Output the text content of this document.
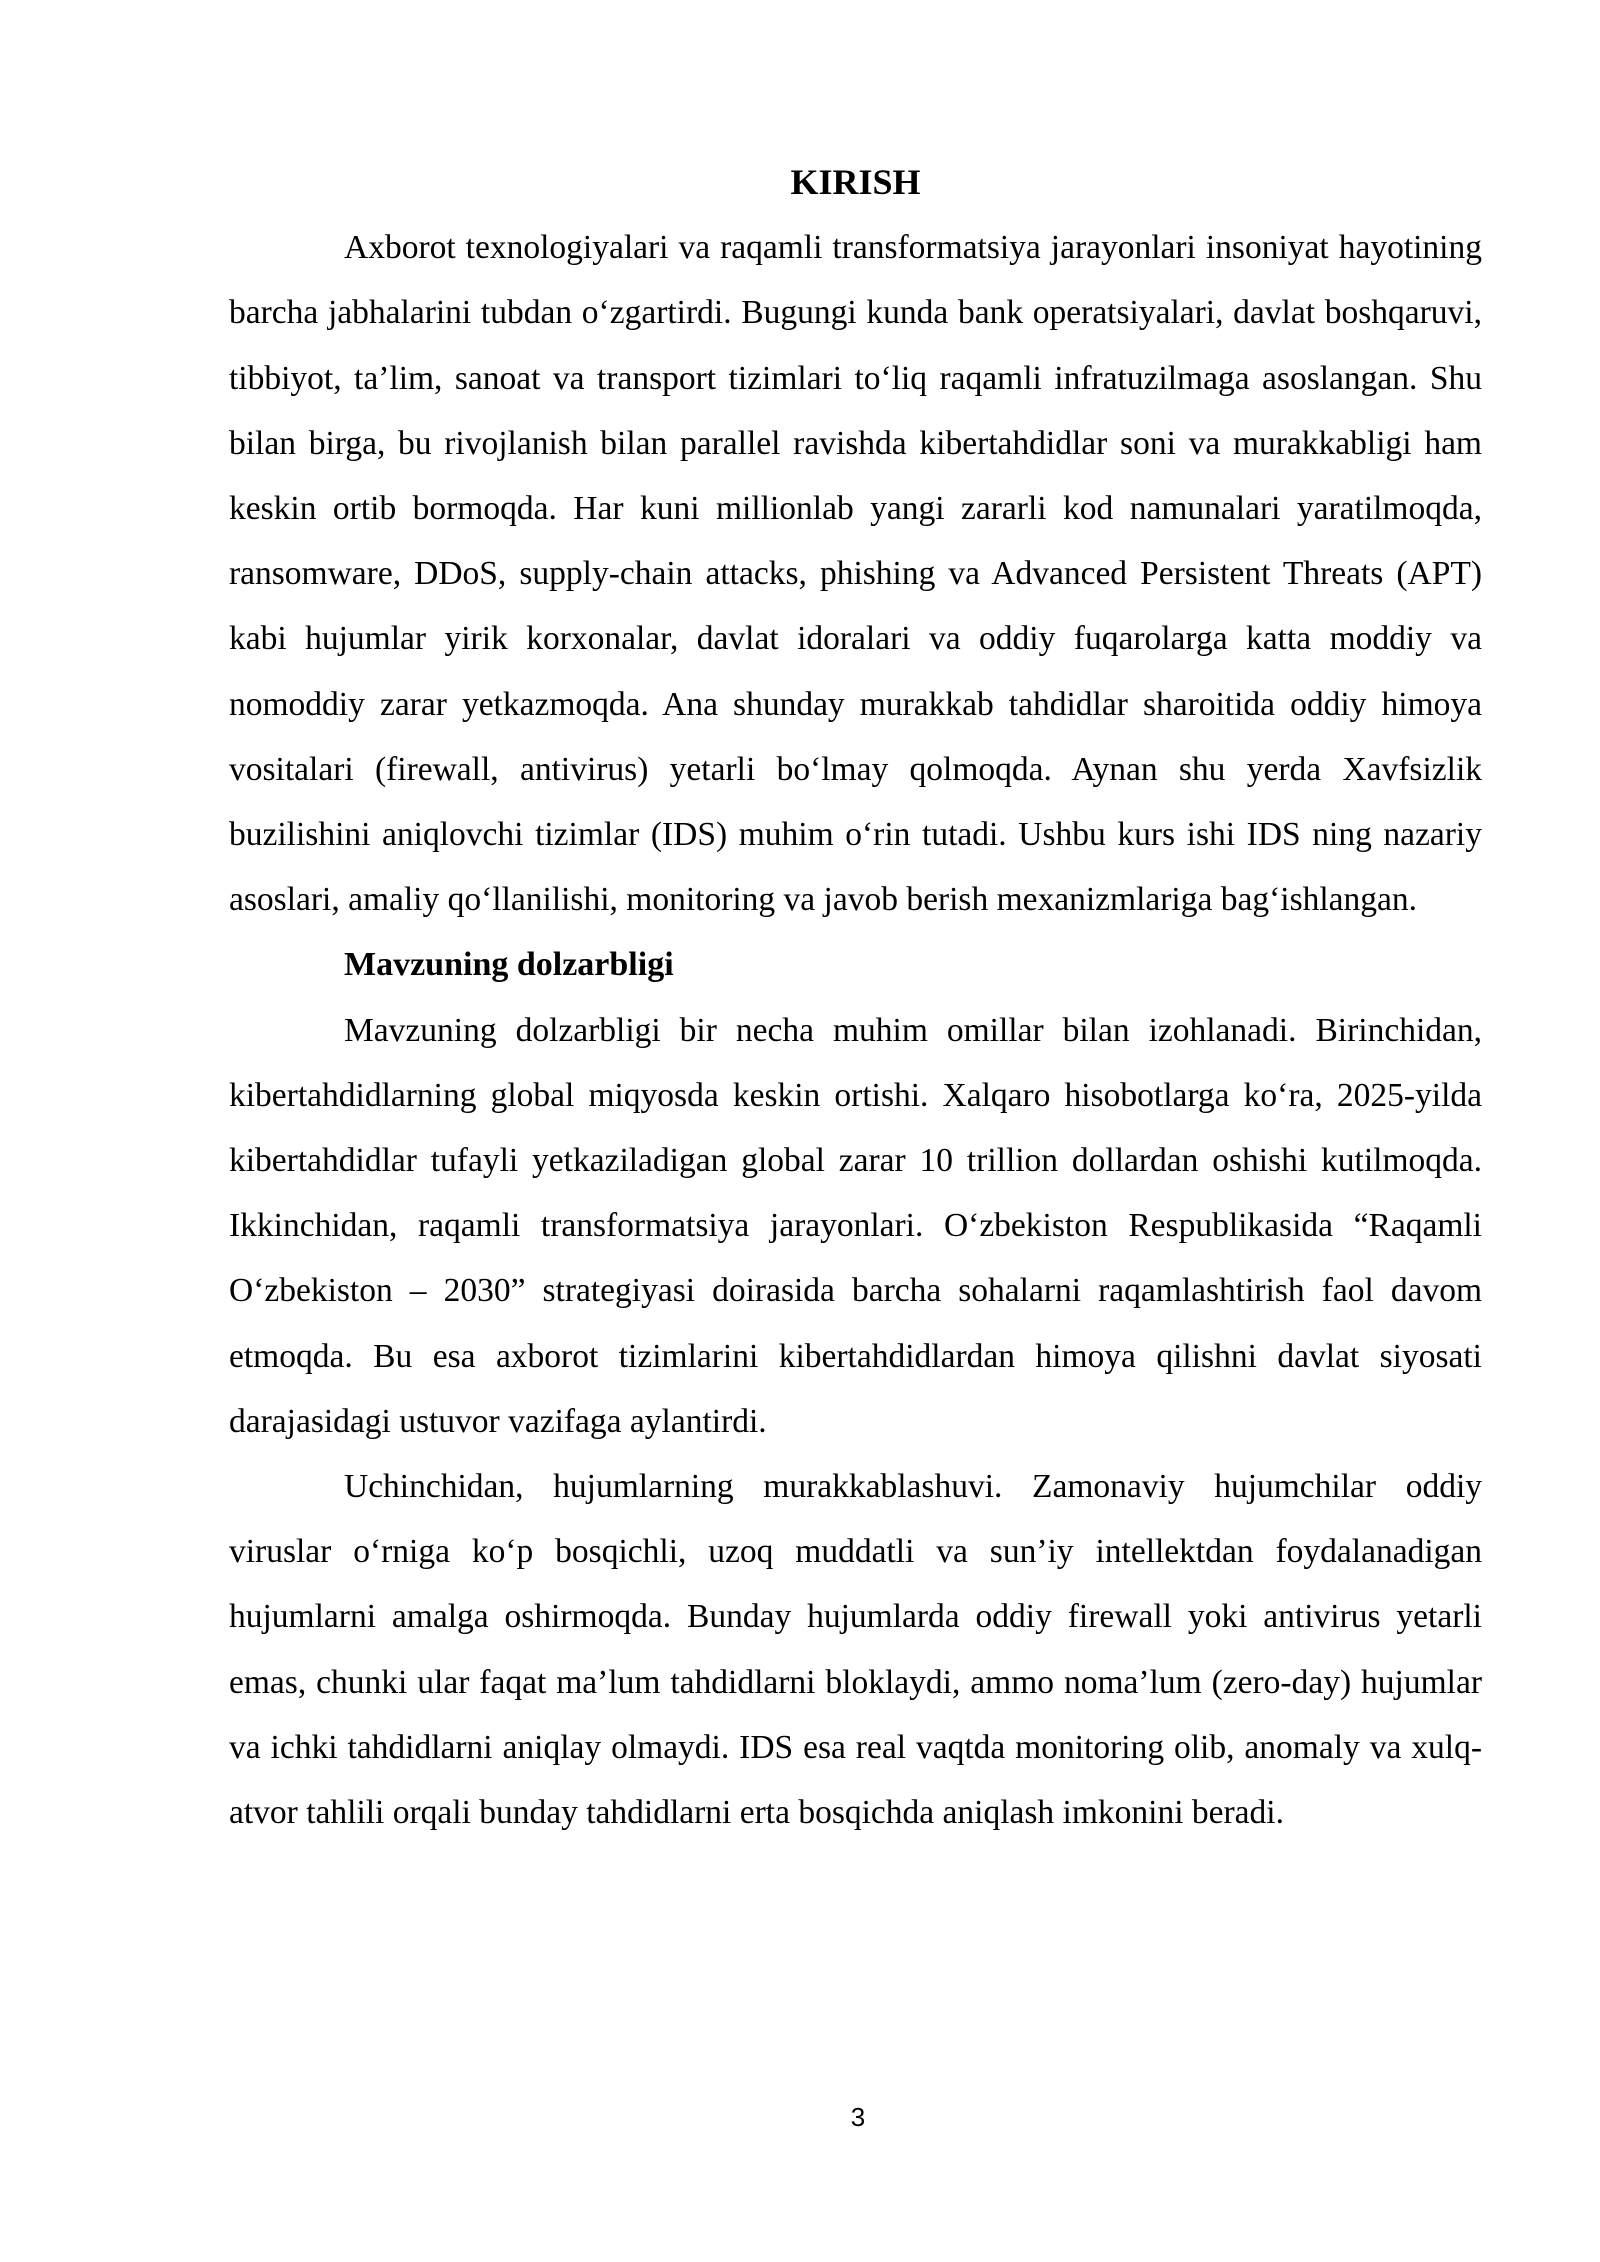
KIRISH

Axborot texnologiyalari va raqamli transformatsiya jarayonlari insoniyat hayotining barcha jabhalarini tubdan o‘zgartirdi. Bugungi kunda bank operatsiyalari, davlat boshqaruvi, tibbiyot, ta’lim, sanoat va transport tizimlari to‘liq raqamli infratuzilmaga asoslangan. Shu bilan birga, bu rivojlanish bilan parallel ravishda kibertahdidlar soni va murakkabligi ham keskin ortib bormoqda. Har kuni millionlab yangi zararli kod namunalari yaratilmoqda, ransomware, DDoS, supply-chain attacks, phishing va Advanced Persistent Threats (APT) kabi hujumlar yirik korxonalar, davlat idoralari va oddiy fuqarolarga katta moddiy va nomoddiy zarar yetkazmoqda. Ana shunday murakkab tahdidlar sharoitida oddiy himoya vositalari (firewall, antivirus) yetarli bo‘lmay qolmoqda. Aynan shu yerda Xavfsizlik buzilishini aniqlovchi tizimlar (IDS) muhim o‘rin tutadi. Ushbu kurs ishi IDS ning nazariy asoslari, amaliy qo‘llanilishi, monitoring va javob berish mexanizmlariga bag‘ishlangan.

Mavzuning dolzarbligi

Mavzuning dolzarbligi bir necha muhim omillar bilan izohlanadi. Birinchidan, kibertahdidlarning global miqyosda keskin ortishi. Xalqaro hisobotlarga ko‘ra, 2025-yilda kibertahdidlar tufayli yetkaziladigan global zarar 10 trillion dollardan oshishi kutilmoqda. Ikkinchidan, raqamli transformatsiya jarayonlari. O‘zbekiston Respublikasida “Raqamli O‘zbekiston – 2030” strategiyasi doirasida barcha sohalarni raqamlashtirish faol davom etmoqda. Bu esa axborot tizimlarini kibertahdidlardan himoya qilishni davlat siyosati darajasidagi ustuvor vazifaga aylantirdi.

Uchinchidan, hujumlarning murakkablashuvi. Zamonaviy hujumchilar oddiy viruslar o‘rniga ko‘p bosqichli, uzoq muddatli va sun’iy intellektdan foydalanadigan hujumlarni amalga oshirmoqda. Bunday hujumlarda oddiy firewall yoki antivirus yetarli emas, chunki ular faqat ma’lum tahdidlarni bloklaydi, ammo noma’lum (zero-day) hujumlar va ichki tahdidlarni aniqlay olmaydi. IDS esa real vaqtda monitoring olib, anomaly va xulq-atvor tahlili orqali bunday tahdidlarni erta bosqichda aniqlash imkonini beradi.

3
